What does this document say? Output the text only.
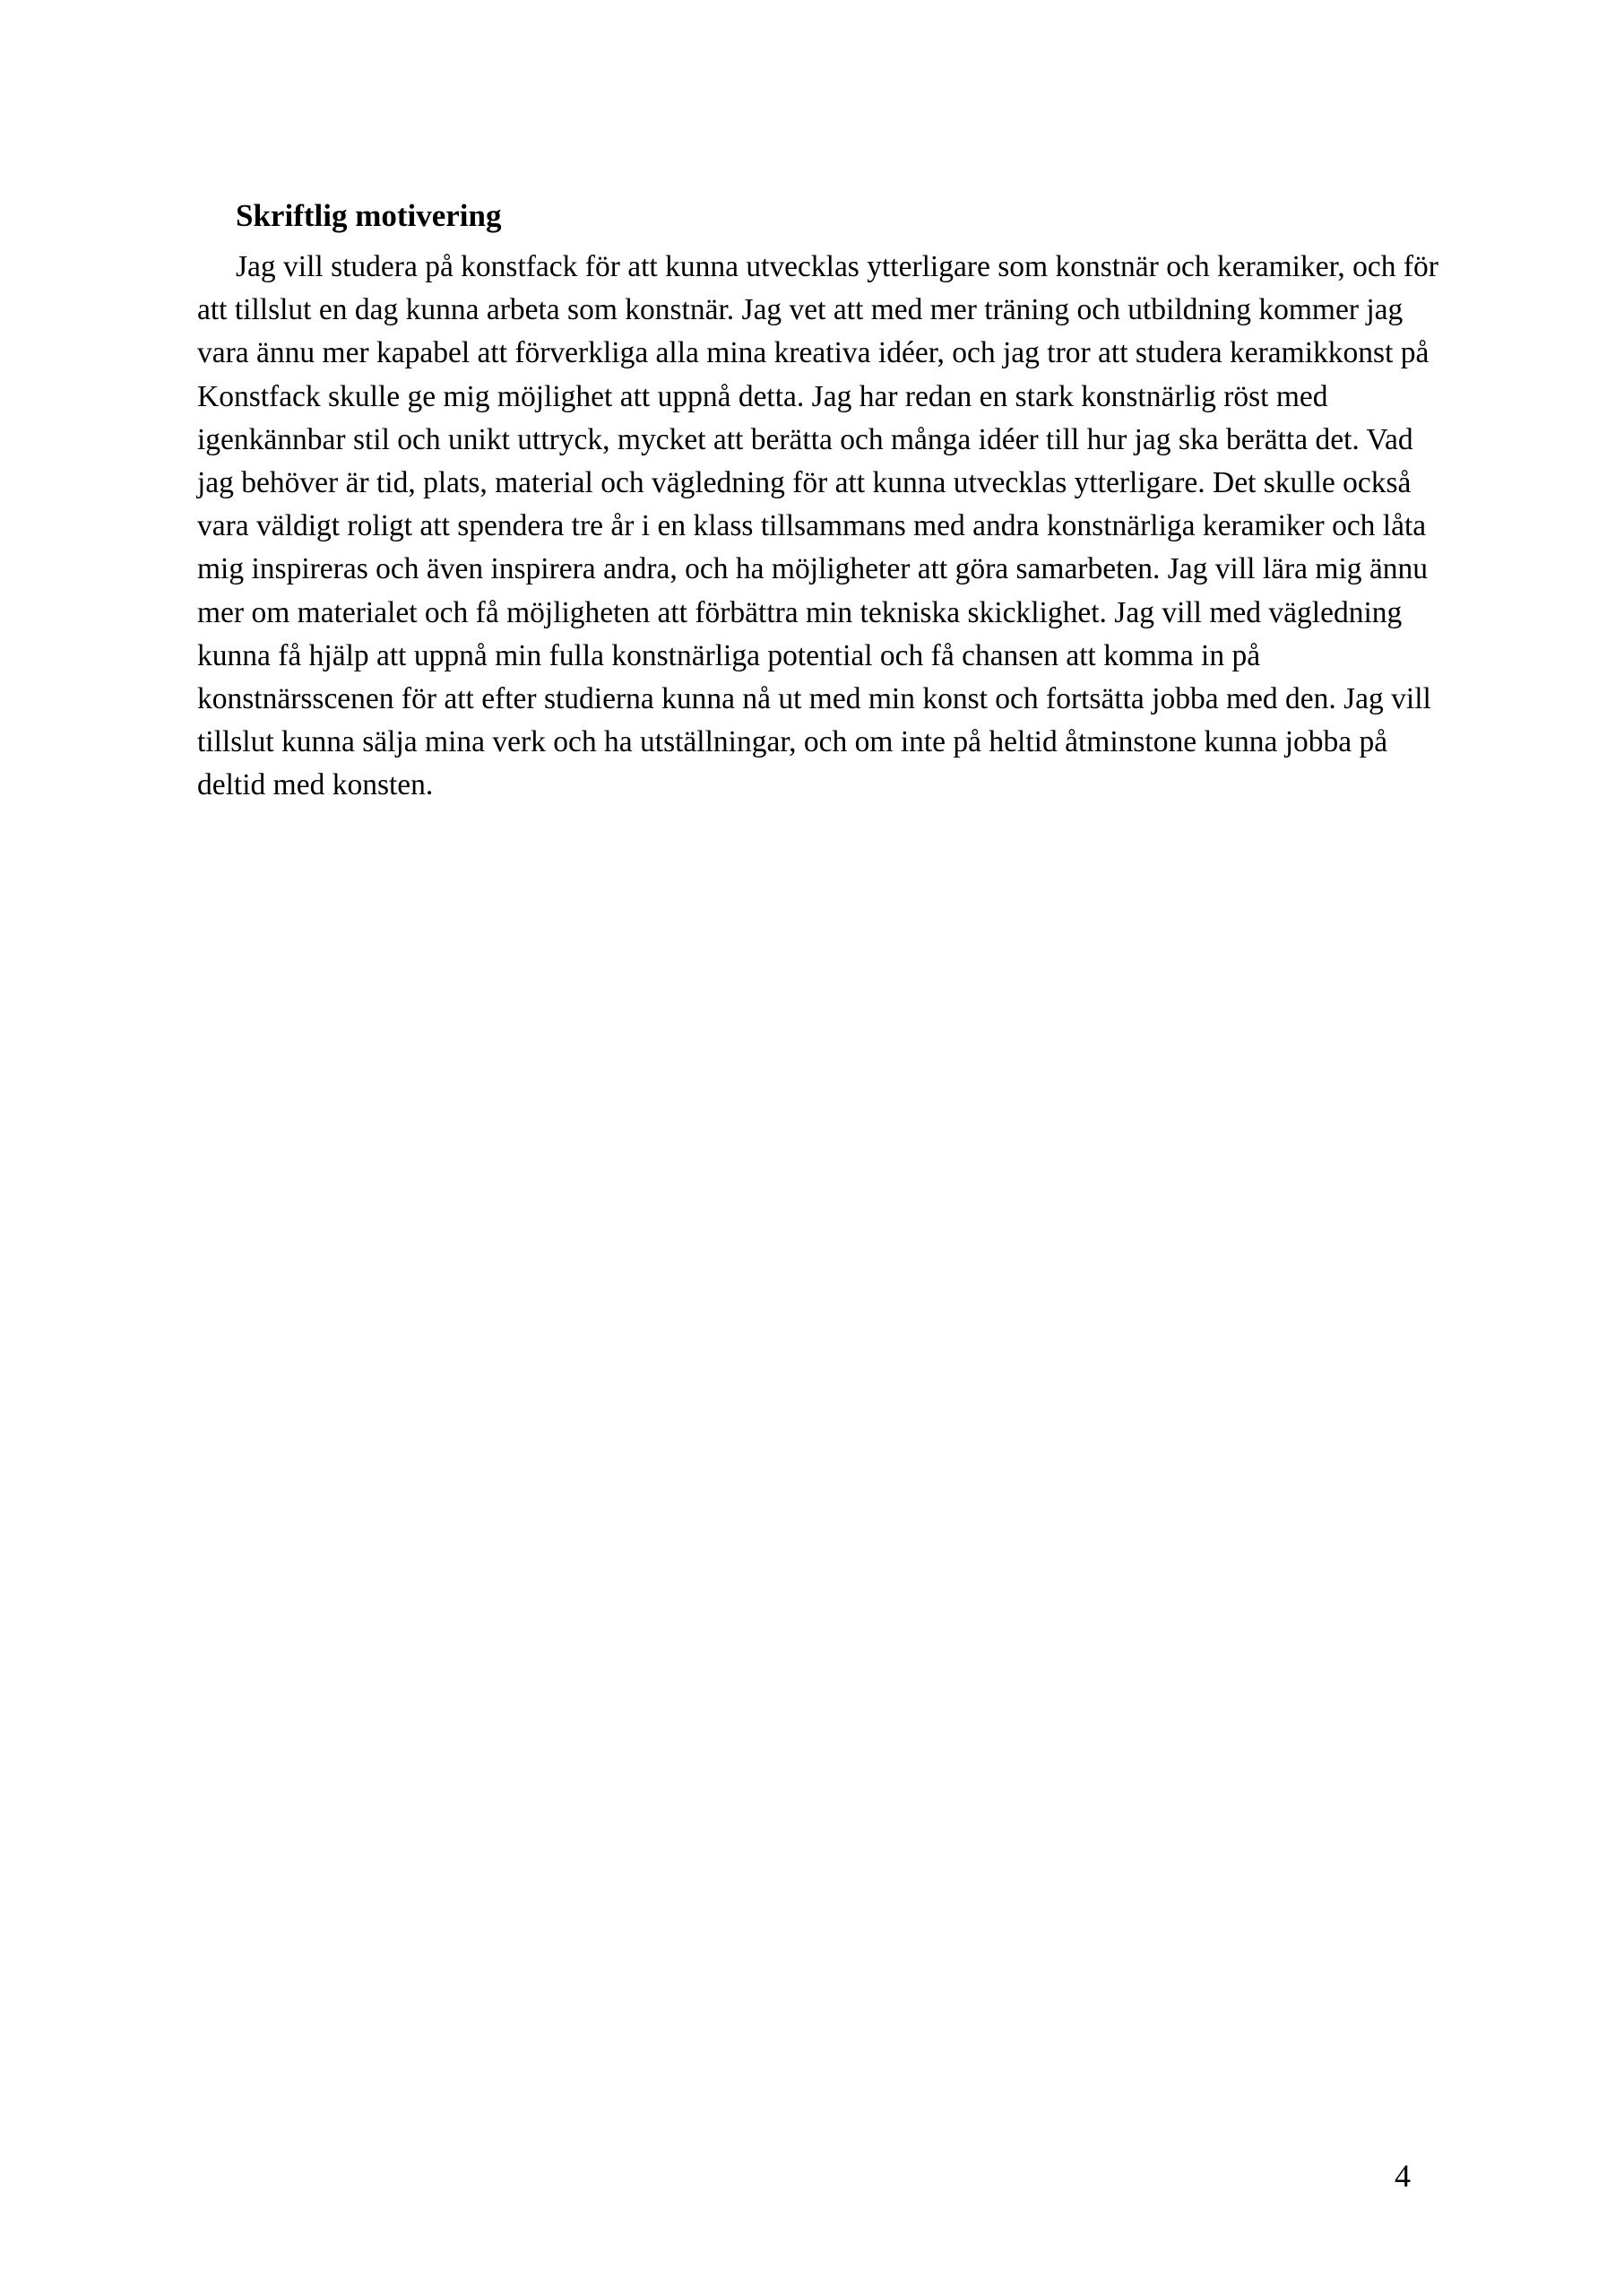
Skriftlig motivering

Jag vill studera på konstfack för att kunna utvecklas ytterligare som konstnär och keramiker, och för att tillslut en dag kunna arbeta som konstnär. Jag vet att med mer träning och utbildning kommer jag vara ännu mer kapabel att förverkliga alla mina kreativa idéer, och jag tror att studera keramikkonst på Konstfack skulle ge mig möjlighet att uppnå detta. Jag har redan en stark konstnärlig röst med igenkännbar stil och unikt uttryck, mycket att berätta och många idéer till hur jag ska berätta det. Vad jag behöver är tid, plats, material och vägledning för att kunna utvecklas ytterligare. Det skulle också vara väldigt roligt att spendera tre år i en klass tillsammans med andra konstnärliga keramiker och låta mig inspireras och även inspirera andra, och ha möjligheter att göra samarbeten. Jag vill lära mig ännu mer om materialet och få möjligheten att förbättra min tekniska skicklighet. Jag vill med vägledning kunna få hjälp att uppnå min fulla konstnärliga potential och få chansen att komma in på konstnärsscenen för att efter studierna kunna nå ut med min konst och fortsätta jobba med den. Jag vill tillslut kunna sälja mina verk och ha utställningar, och om inte på heltid åtminstone kunna jobba på deltid med konsten.

4
